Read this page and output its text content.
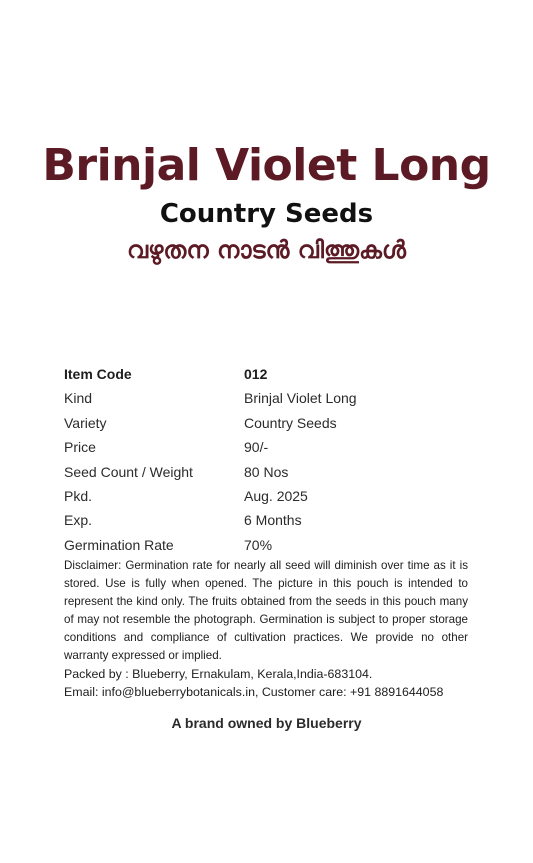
Brinjal Violet Long
Country Seeds
വഴുതന നാടൻ വിത്തുകൾ
Item Code	012
Kind	Brinjal Violet Long
Variety	Country Seeds
Price	90/-
Seed Count / Weight	80 Nos
Pkd.	Aug. 2025
Exp.	6 Months
Germination Rate	70%
Disclaimer: Germination rate for nearly all seed will diminish over time as it is stored. Use is fully when opened. The picture in this pouch is intended to represent the kind only. The fruits obtained from the seeds in this pouch many of may not resemble the photograph. Germination is subject to proper storage conditions and compliance of cultivation practices. We provide no other warranty expressed or implied.
Packed by : Blueberry, Ernakulam, Kerala,India-683104.
Email: info@blueberrybotanicals.in, Customer care: +91 8891644058
A brand owned by Blueberry
